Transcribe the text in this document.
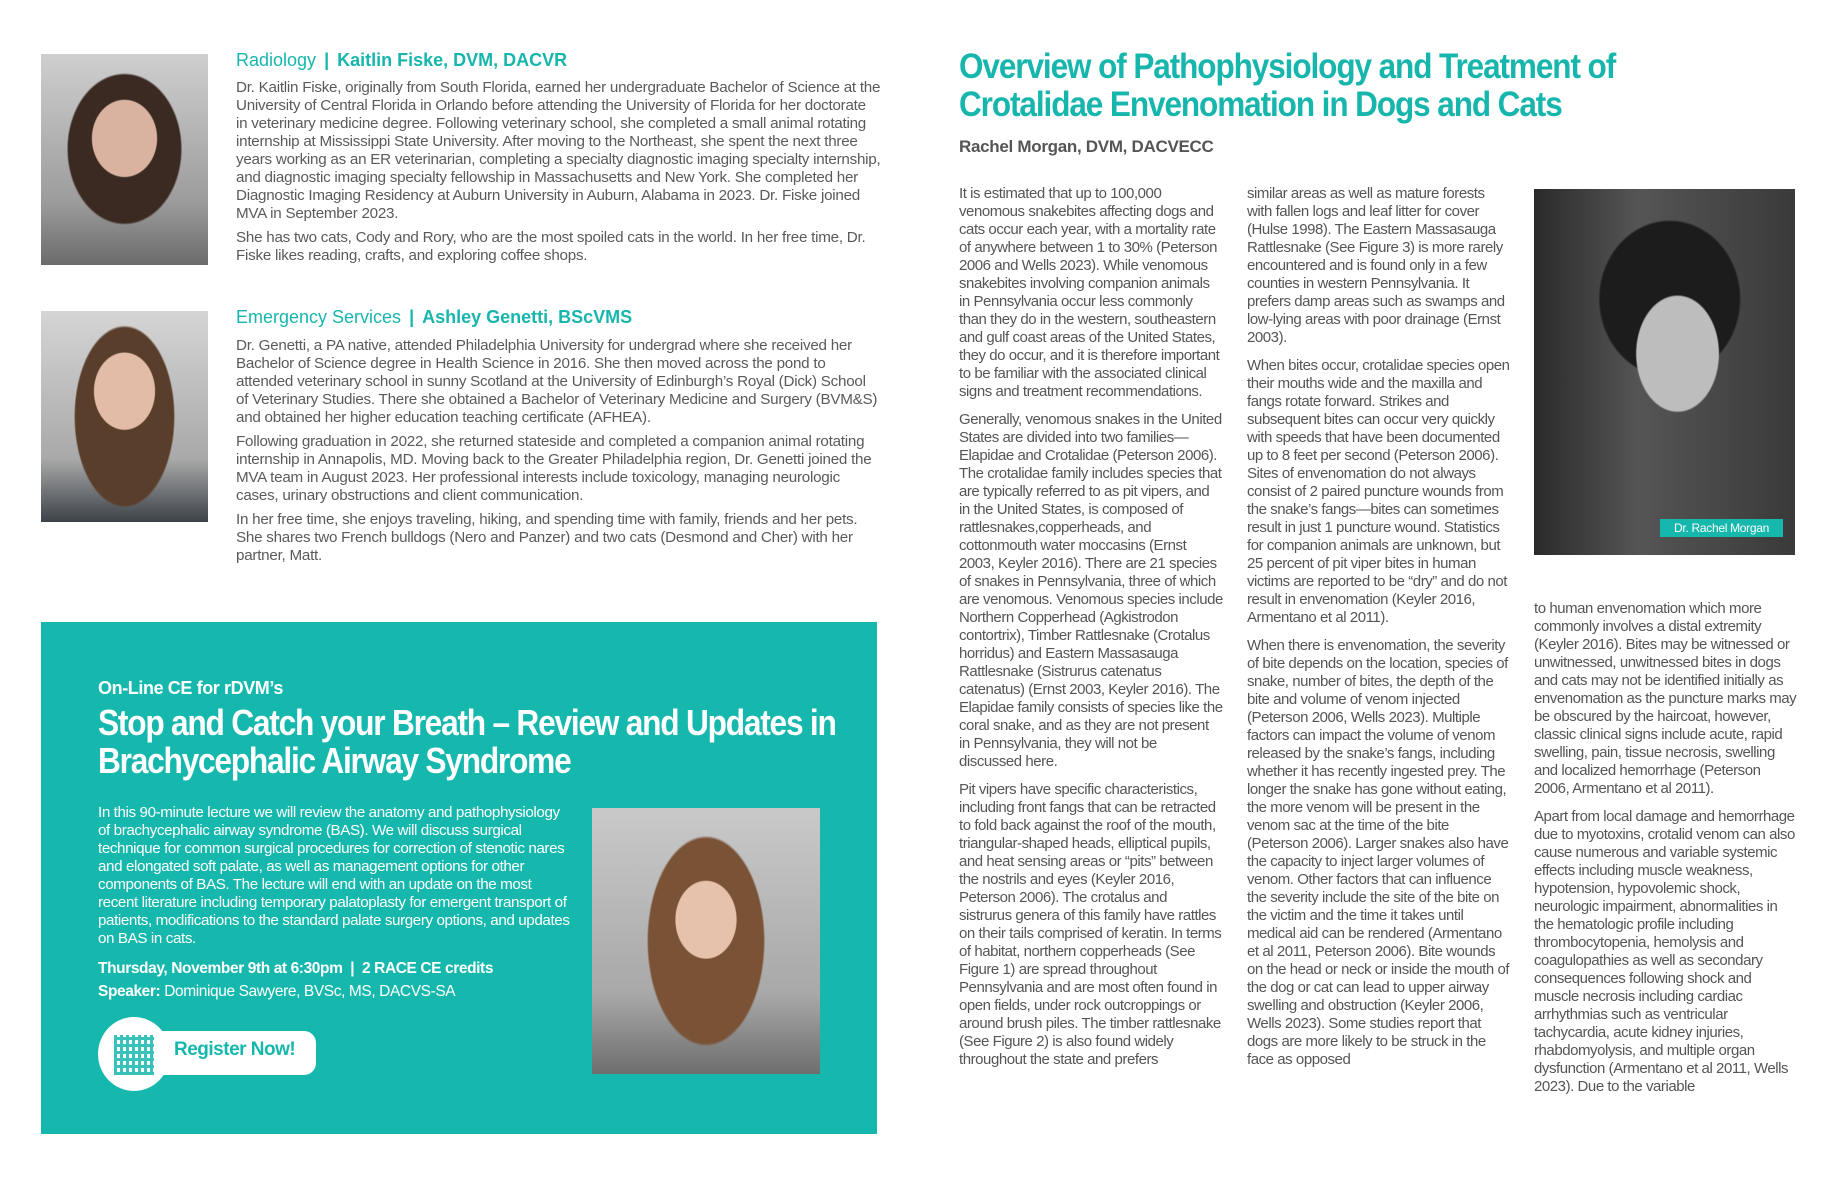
Radiology | Kaitlin Fiske, DVM, DACVR

Dr. Kaitlin Fiske, originally from South Florida, earned her undergraduate Bachelor of Science at the University of Central Florida in Orlando before attending the University of Florida for her doctorate in veterinary medicine degree. Following veterinary school, she completed a small animal rotating internship at Mississippi State University. After moving to the Northeast, she spent the next three years working as an ER veterinarian, completing a specialty diagnostic imaging specialty internship, and diagnostic imaging specialty fellowship in Massachusetts and New York. She completed her Diagnostic Imaging Residency at Auburn University in Auburn, Alabama in 2023. Dr. Fiske joined MVA in September 2023.

She has two cats, Cody and Rory, who are the most spoiled cats in the world. In her free time, Dr. Fiske likes reading, crafts, and exploring coffee shops.

Emergency Services | Ashley Genetti, BScVMS

Dr. Genetti, a PA native, attended Philadelphia University for undergrad where she received her Bachelor of Science degree in Health Science in 2016. She then moved across the pond to attended veterinary school in sunny Scotland at the University of Edinburgh’s Royal (Dick) School of Veterinary Studies. There she obtained a Bachelor of Veterinary Medicine and Surgery (BVM&S) and obtained her higher education teaching certificate (AFHEA).

Following graduation in 2022, she returned stateside and completed a companion animal rotating internship in Annapolis, MD. Moving back to the Greater Philadelphia region, Dr. Genetti joined the MVA team in August 2023. Her professional interests include toxicology, managing neurologic cases, urinary obstructions and client communication.

In her free time, she enjoys traveling, hiking, and spending time with family, friends and her pets. She shares two French bulldogs (Nero and Panzer) and two cats (Desmond and Cher) with her partner, Matt.

On-Line CE for rDVM’s
Stop and Catch your Breath – Review and Updates in Brachycephalic Airway Syndrome
In this 90-minute lecture we will review the anatomy and pathophysiology of brachycephalic airway syndrome (BAS). We will discuss surgical technique for common surgical procedures for correction of stenotic nares and elongated soft palate, as well as management options for other components of BAS. The lecture will end with an update on the most recent literature including temporary palatoplasty for emergent transport of patients, modifications to the standard palate surgery options, and updates on BAS in cats.
Thursday, November 9th at 6:30pm  |  2 RACE CE credits
Speaker: Dominique Sawyere, BVSc, MS, DACVS-SA
Register Now!
Overview of Pathophysiology and Treatment of Crotalidae Envenomation in Dogs and Cats
Rachel Morgan, DVM, DACVECC

It is estimated that up to 100,000 venomous snakebites affecting dogs and cats occur each year, with a mortality rate of anywhere between 1 to 30% (Peterson 2006 and Wells 2023). While venomous snakebites involving companion animals in Pennsylvania occur less commonly than they do in the western, southeastern and gulf coast areas of the United States, they do occur, and it is therefore important to be familiar with the associated clinical signs and treatment recommendations.

Generally, venomous snakes in the United States are divided into two families—Elapidae and Crotalidae (Peterson 2006). The crotalidae family includes species that are typically referred to as pit vipers, and in the United States, is composed of rattlesnakes,copperheads, and cottonmouth water moccasins (Ernst 2003, Keyler 2016). There are 21 species of snakes in Pennsylvania, three of which are venomous. Venomous species include Northern Copperhead (Agkistrodon contortrix), Timber Rattlesnake (Crotalus horridus) and Eastern Massasauga Rattlesnake (Sistrurus catenatus catenatus) (Ernst 2003, Keyler 2016). The Elapidae family consists of species like the coral snake, and as they are not present in Pennsylvania, they will not be discussed here.

Pit vipers have specific characteristics, including front fangs that can be retracted to fold back against the roof of the mouth, triangular-shaped heads, elliptical pupils, and heat sensing areas or “pits” between the nostrils and eyes (Keyler 2016, Peterson 2006). The crotalus and sistrurus genera of this family have rattles on their tails comprised of keratin. In terms of habitat, northern copperheads (See Figure 1) are spread throughout Pennsylvania and are most often found in open fields, under rock outcroppings or around brush piles. The timber rattlesnake (See Figure 2) is also found widely throughout the state and prefers

similar areas as well as mature forests with fallen logs and leaf litter for cover (Hulse 1998). The Eastern Massasauga Rattlesnake (See Figure 3) is more rarely encountered and is found only in a few counties in western Pennsylvania. It prefers damp areas such as swamps and low-lying areas with poor drainage (Ernst 2003).

When bites occur, crotalidae species open their mouths wide and the maxilla and fangs rotate forward. Strikes and subsequent bites can occur very quickly with speeds that have been documented up to 8 feet per second (Peterson 2006). Sites of envenomation do not always consist of 2 paired puncture wounds from the snake’s fangs—bites can sometimes result in just 1 puncture wound. Statistics for companion animals are unknown, but 25 percent of pit viper bites in human victims are reported to be “dry” and do not result in envenomation (Keyler 2016, Armentano et al 2011).

When there is envenomation, the severity of bite depends on the location, species of snake, number of bites, the depth of the bite and volume of venom injected (Peterson 2006, Wells 2023). Multiple factors can impact the volume of venom released by the snake’s fangs, including whether it has recently ingested prey. The longer the snake has gone without eating, the more venom will be present in the venom sac at the time of the bite (Peterson 2006). Larger snakes also have the capacity to inject larger volumes of venom. Other factors that can influence the severity include the site of the bite on the victim and the time it takes until medical aid can be rendered (Armentano et al 2011, Peterson 2006). Bite wounds on the head or neck or inside the mouth of the dog or cat can lead to upper airway swelling and obstruction (Keyler 2006, Wells 2023). Some studies report that dogs are more likely to be struck in the face as opposed

Dr. Rachel Morgan

to human envenomation which more commonly involves a distal extremity (Keyler 2016). Bites may be witnessed or unwitnessed, unwitnessed bites in dogs and cats may not be identified initially as envenomation as the puncture marks may be obscured by the haircoat, however, classic clinical signs include acute, rapid swelling, pain, tissue necrosis, swelling and localized hemorrhage (Peterson 2006, Armentano et al 2011).

Apart from local damage and hemorrhage due to myotoxins, crotalid venom can also cause numerous and variable systemic effects including muscle weakness, hypotension, hypovolemic shock, neurologic impairment, abnormalities in the hematologic profile including thrombocytopenia, hemolysis and coagulopathies as well as secondary consequences following shock and muscle necrosis including cardiac arrhythmias such as ventricular tachycardia, acute kidney injuries, rhabdomyolysis, and multiple organ dysfunction (Armentano et al 2011, Wells 2023). Due to the variable
